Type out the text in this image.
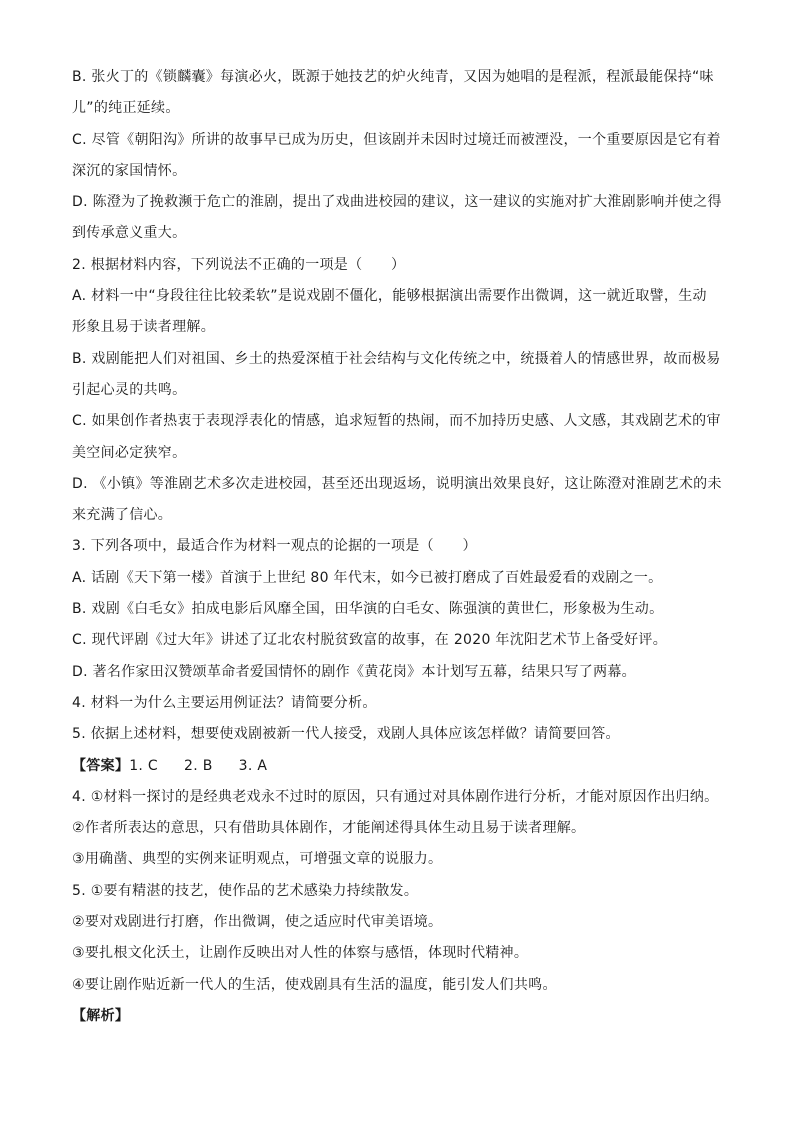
B. 张火丁的《锁麟囊》每演必火，既源于她技艺的炉火纯青，又因为她唱的是程派，程派最能保持“味
儿”的纯正延续。
C. 尽管《朝阳沟》所讲的故事早已成为历史，但该剧并未因时过境迁而被湮没，一个重要原因是它有着
深沉的家国情怀。
D. 陈澄为了挽救濒于危亡的淮剧，提出了戏曲进校园的建议，这一建议的实施对扩大淮剧影响并使之得
到传承意义重大。
2. 根据材料内容，下列说法不正确的一项是（　　）
A. 材料一中“身段往往比较柔软”是说戏剧不僵化，能够根据演出需要作出微调，这一就近取譬，生动
形象且易于读者理解。
B. 戏剧能把人们对祖国、乡土的热爱深植于社会结构与文化传统之中，统摄着人的情感世界，故而极易
引起心灵的共鸣。
C. 如果创作者热衷于表现浮表化的情感，追求短暂的热闹，而不加持历史感、人文感，其戏剧艺术的审
美空间必定狭窄。
D. 《小镇》等淮剧艺术多次走进校园，甚至还出现返场，说明演出效果良好，这让陈澄对淮剧艺术的未
来充满了信心。
3. 下列各项中，最适合作为材料一观点的论据的一项是（　　）
A. 话剧《天下第一楼》首演于上世纪 80 年代末，如今已被打磨成了百姓最爱看的戏剧之一。
B. 戏剧《白毛女》拍成电影后风靡全国，田华演的白毛女、陈强演的黄世仁，形象极为生动。
C. 现代评剧《过大年》讲述了辽北农村脱贫致富的故事，在 2020 年沈阳艺术节上备受好评。
D. 著名作家田汉赞颂革命者爱国情怀的剧作《黄花岗》本计划写五幕，结果只写了两幕。
4. 材料一为什么主要运用例证法？请简要分析。
5. 依据上述材料，想要使戏剧被新一代人接受，戏剧人具体应该怎样做？请简要回答。
【答案】1. C 2. B 3. A
4. ①材料一探讨的是经典老戏永不过时的原因，只有通过对具体剧作进行分析，才能对原因作出归纳。
②作者所表达的意思，只有借助具体剧作，才能阐述得具体生动且易于读者理解。
③用确凿、典型的实例来证明观点，可增强文章的说服力。
5. ①要有精湛的技艺，使作品的艺术感染力持续散发。
②要对戏剧进行打磨，作出微调，使之适应时代审美语境。
③要扎根文化沃土，让剧作反映出对人性的体察与感悟，体现时代精神。
④要让剧作贴近新一代人的生活，使戏剧具有生活的温度，能引发人们共鸣。
【解析】
